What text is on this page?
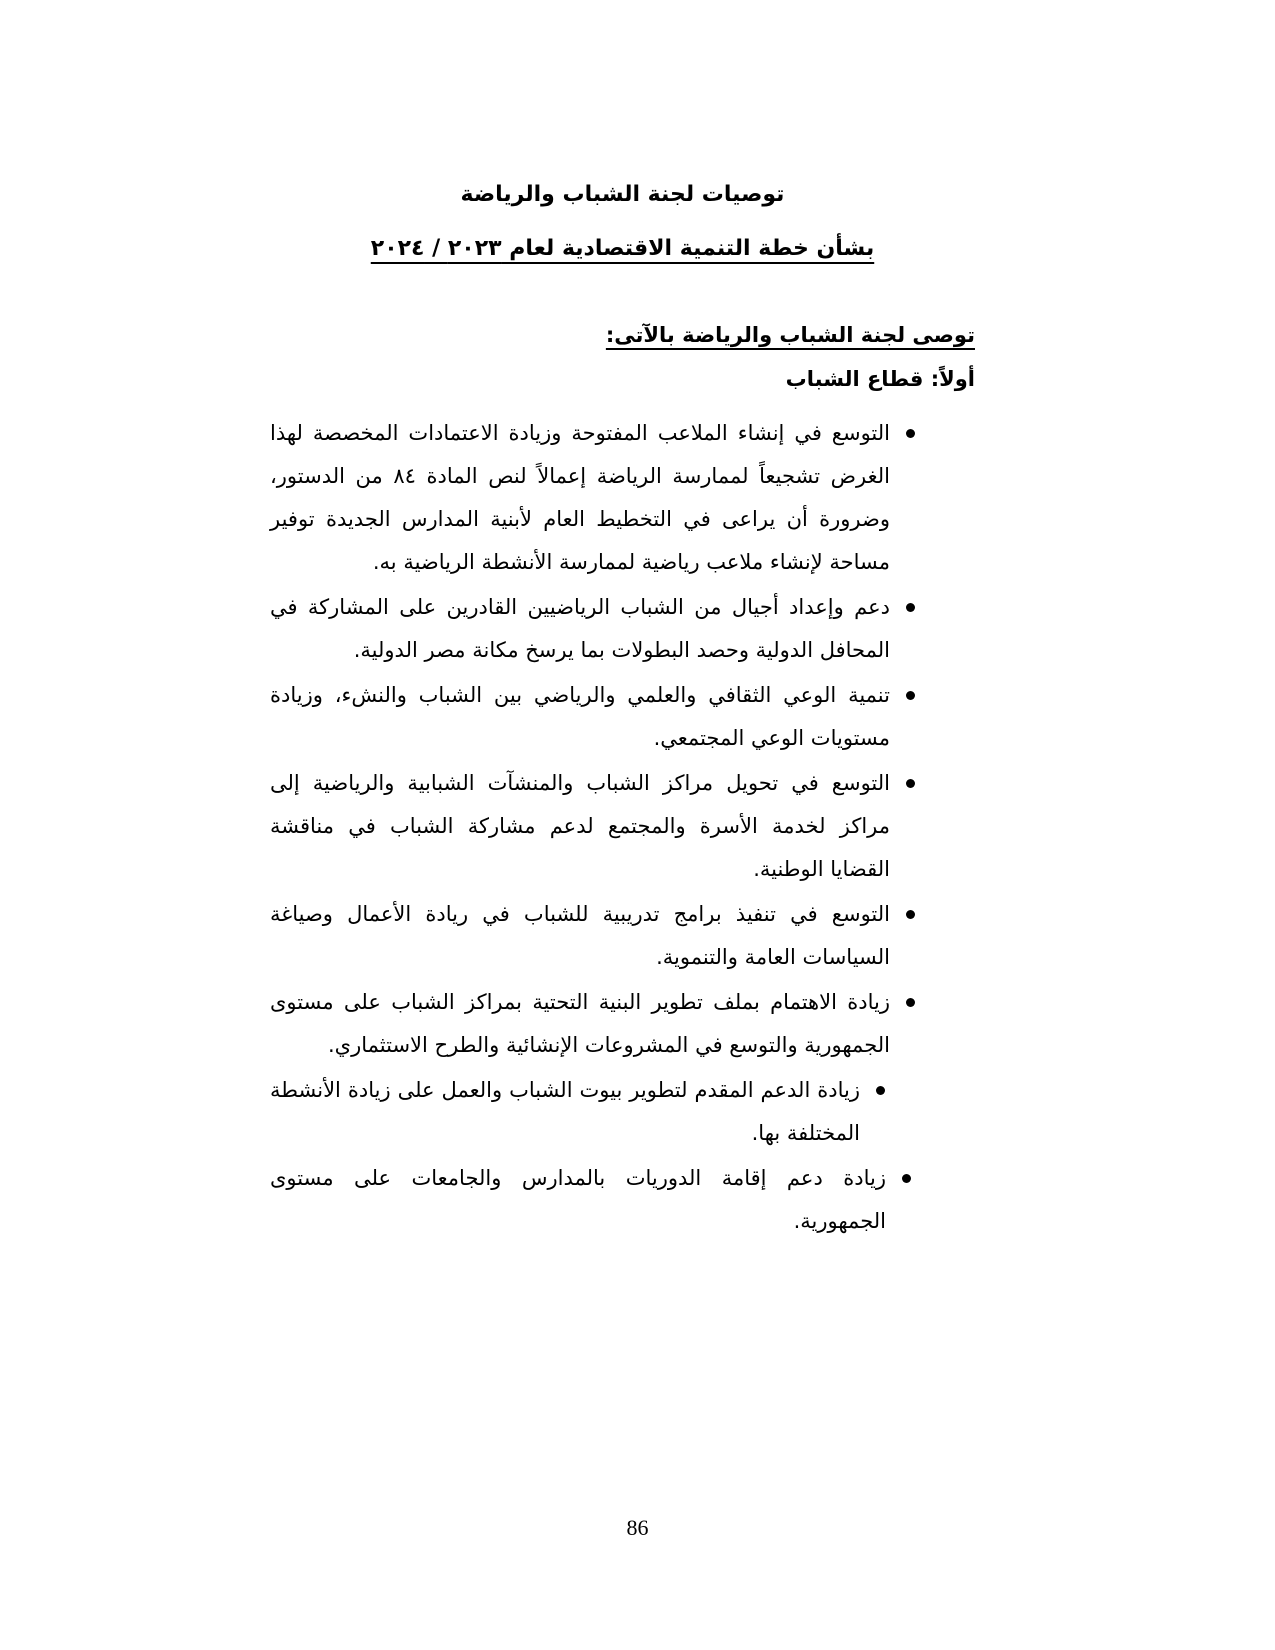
توصيات لجنة الشباب والرياضة
بشأن خطة التنمية الاقتصادية لعام ٢٠٢٣ / ٢٠٢٤

توصى لجنة الشباب والرياضة بالآتى:

أولاً: قطاع الشباب

التوسع في إنشاء الملاعب المفتوحة وزيادة الاعتمادات المخصصة لهذا الغرض تشجيعاً لممارسة الرياضة إعمالاً لنص المادة ٨٤ من الدستور، وضرورة أن يراعى في التخطيط العام لأبنية المدارس الجديدة توفير مساحة لإنشاء ملاعب رياضية لممارسة الأنشطة الرياضية به.
دعم وإعداد أجيال من الشباب الرياضيين القادرين على المشاركة في المحافل الدولية وحصد البطولات بما يرسخ مكانة مصر الدولية.
تنمية الوعي الثقافي والعلمي والرياضي بين الشباب والنشء، وزيادة مستويات الوعي المجتمعي.
التوسع في تحويل مراكز الشباب والمنشآت الشبابية والرياضية إلى مراكز لخدمة الأسرة والمجتمع لدعم مشاركة الشباب في مناقشة القضايا الوطنية.
التوسع في تنفيذ برامج تدريبية للشباب في ريادة الأعمال وصياغة السياسات العامة والتنموية.
زيادة الاهتمام بملف تطوير البنية التحتية بمراكز الشباب على مستوى الجمهورية والتوسع في المشروعات الإنشائية والطرح الاستثماري.
زيادة الدعم المقدم لتطوير بيوت الشباب والعمل على زيادة الأنشطة المختلفة بها.
زيادة دعم إقامة الدوريات بالمدارس والجامعات على مستوى الجمهورية.
86
